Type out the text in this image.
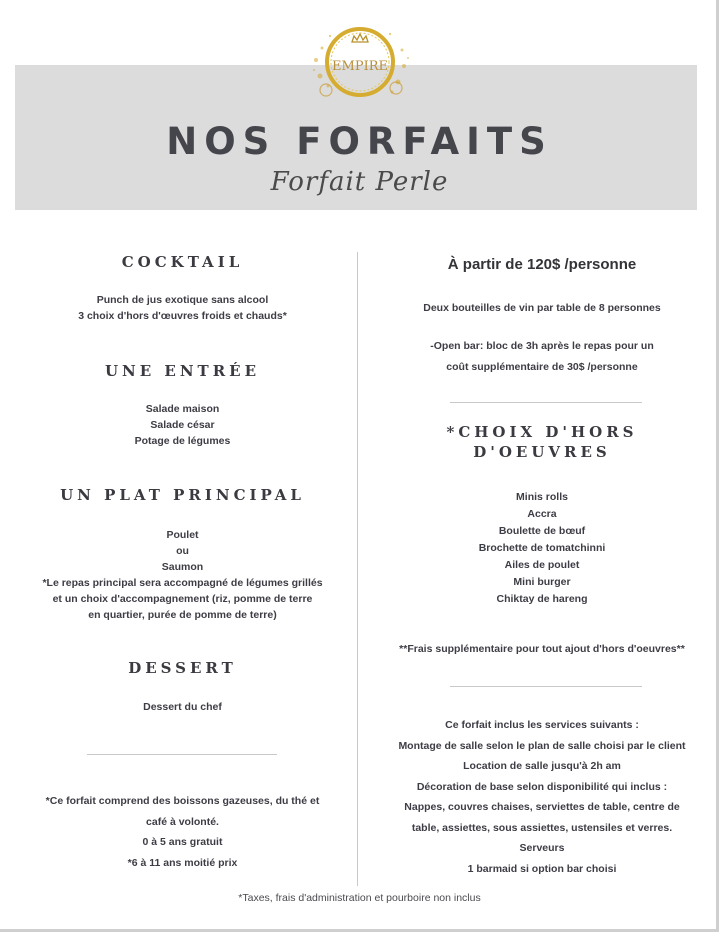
EMPIRE
NOS FORFAITS
Forfait Perle
COCKTAIL
Punch de jus exotique sans alcool
3 choix d'hors d'œuvres froids et chauds*
UNE ENTRÉE
Salade maison
Salade césar
Potage de légumes
UN PLAT PRINCIPAL
Poulet
ou
Saumon
*Le repas principal sera accompagné de légumes grillés
et un choix d'accompagnement (riz, pomme de terre
en quartier, purée de pomme de terre)
DESSERT
Dessert du chef
*Ce forfait comprend des boissons gazeuses, du thé et
café à volonté.
0 à 5 ans gratuit
*6 à 11 ans moitié prix
À partir de 120$ /personne
Deux bouteilles de vin par table de 8 personnes
-Open bar: bloc de 3h après le repas pour un
coût supplémentaire de 30$ /personne
*CHOIX D'HORS
D'OEUVRES
Minis rolls
Accra
Boulette de bœuf
Brochette de tomatchinni
Ailes de poulet
Mini burger
Chiktay de hareng
**Frais supplémentaire pour tout ajout d'hors d'oeuvres**
Ce forfait inclus les services suivants :
Montage de salle selon le plan de salle choisi par le client
Location de salle jusqu'à 2h am
Décoration de base selon disponibilité qui inclus :
Nappes, couvres chaises, serviettes de table, centre de
table, assiettes, sous assiettes, ustensiles et verres.
Serveurs
1 barmaid si option bar choisi
*Taxes, frais d'administration et pourboire non inclus
